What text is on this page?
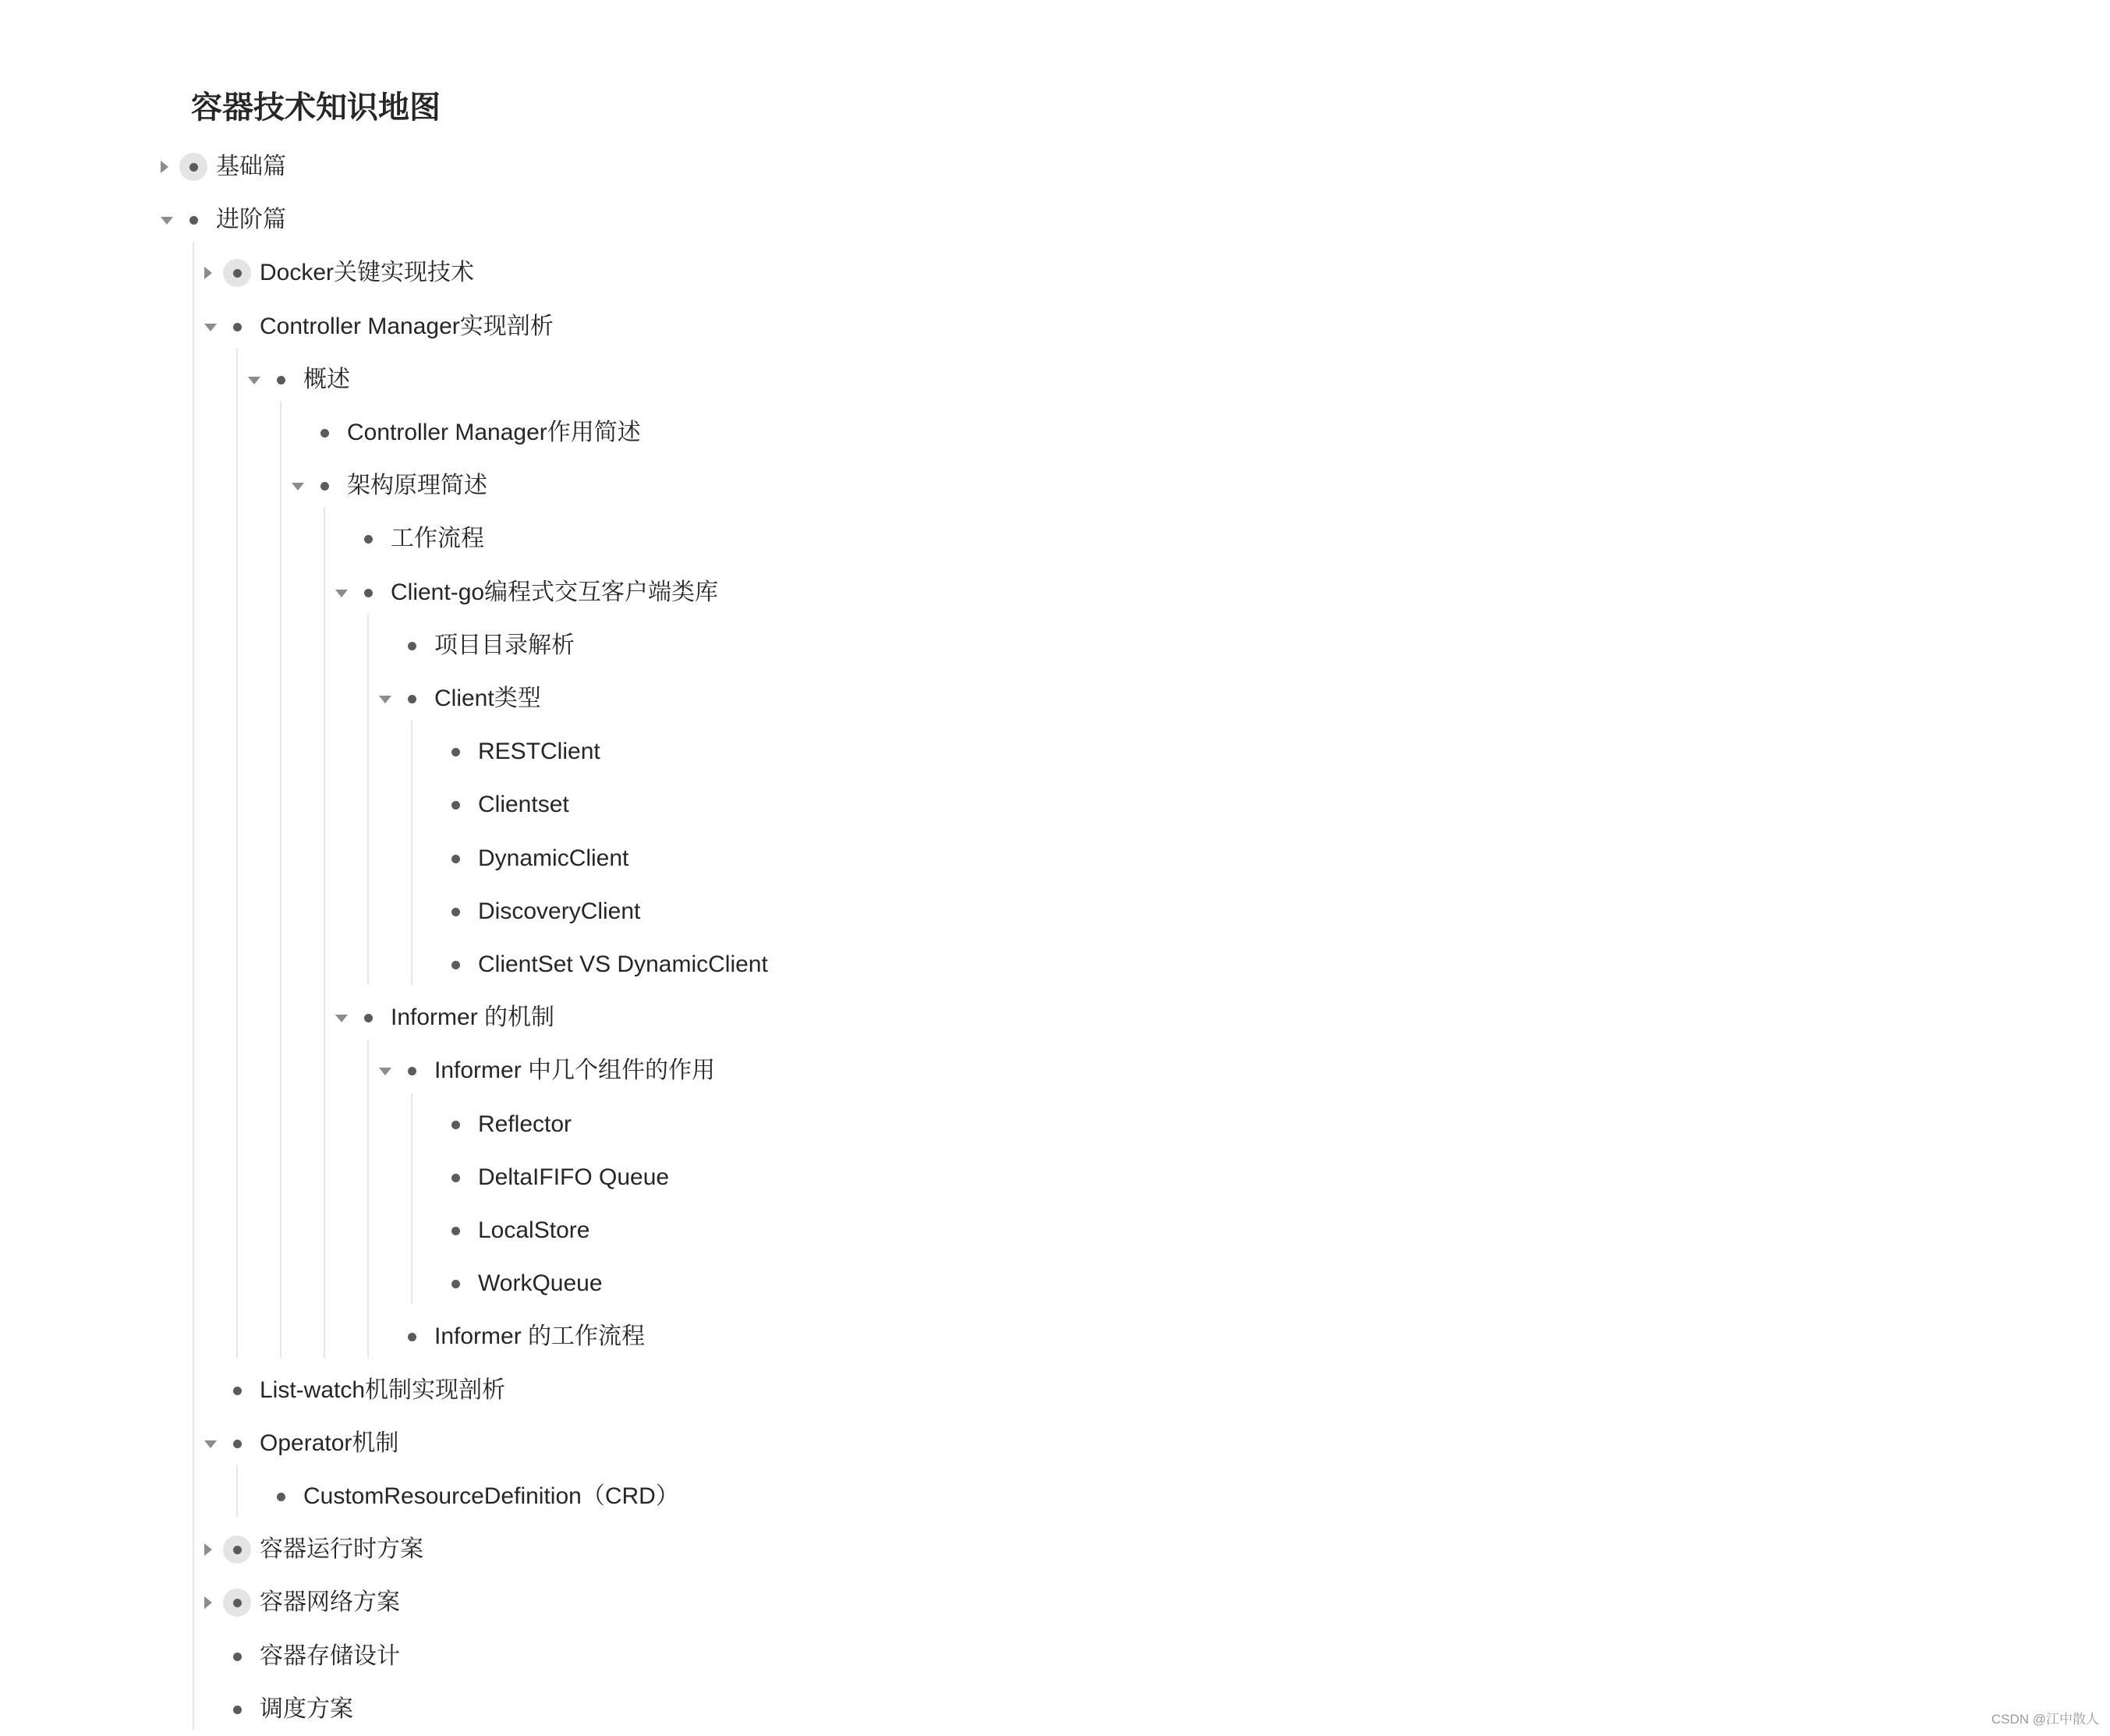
容器技术知识地图
基础篇
进阶篇
Docker关键实现技术
Controller Manager实现剖析
概述
Controller Manager作用简述
架构原理简述
工作流程
Client-go编程式交互客户端类库
项目目录解析
Client类型
RESTClient
Clientset
DynamicClient
DiscoveryClient
ClientSet VS DynamicClient
Informer 的机制
Informer 中几个组件的作用
Reflector
DeltaIFIFO Queue
LocalStore
WorkQueue
Informer 的工作流程
List-watch机制实现剖析
Operator机制
CustomResourceDefinition（CRD）
容器运行时方案
容器网络方案
容器存储设计
调度方案	CSDN @江中散人
